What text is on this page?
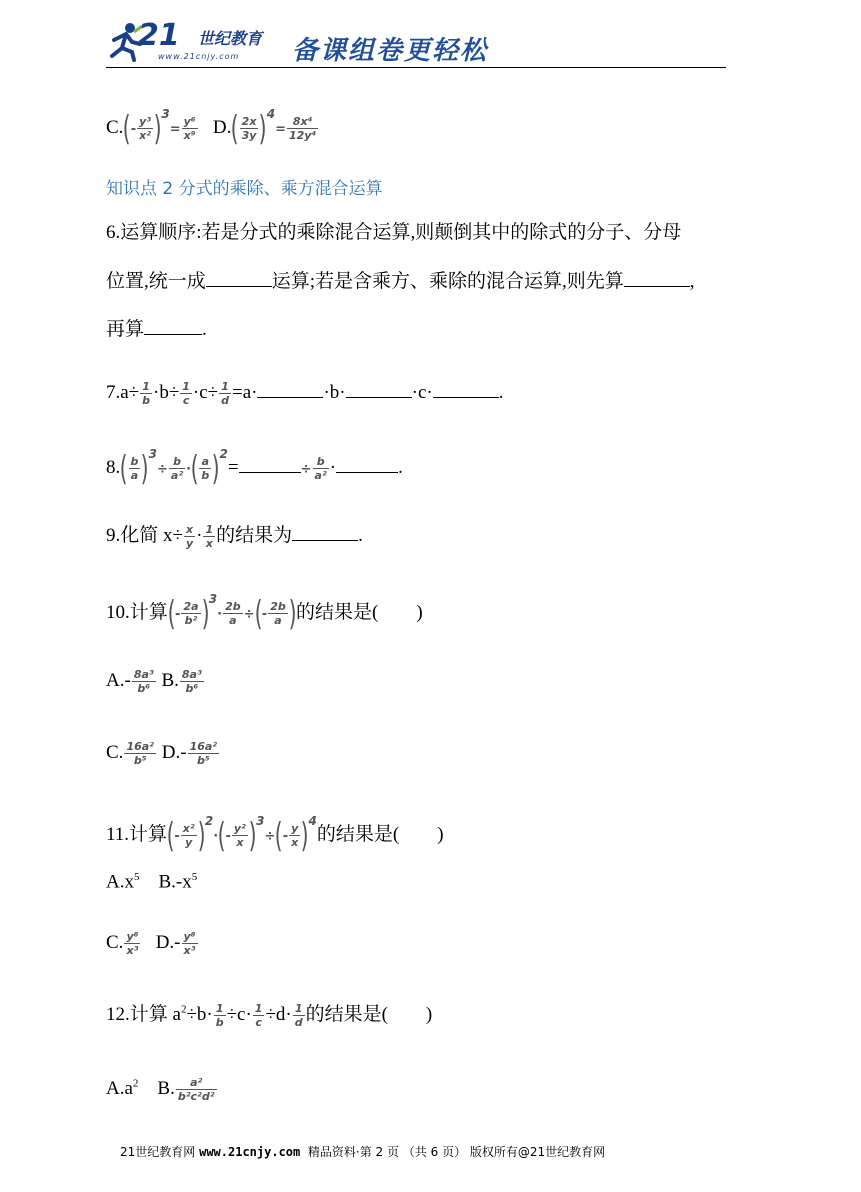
21 世纪教育
www.21cnjy.com 备课组卷更轻松
$C.(- \frac{\text{y³}}{\text{x²}} )^3= \frac{\text{y⁶}}{\text{x⁹}} D.( \frac{2x}{3y} )^4= \frac{\text{8x⁴}}{\text{12y⁴}}$
知识点 2 分式的乘除、乘方混合运算
6.运算顺序:若是分式的乘除混合运算,则颠倒其中的除式的分子、分母
位置,统一成	运算;若是含乘方、乘除的混合运算,则先算	,
再算	.
$7.a\div \frac{1}{b} \cdot b\div \frac{1}{c} \cdot c\div \frac{1}{d} =a\cdot$	·b·	·c·	.
$8.( \frac{b}{a} )^3\div \frac{b}{\text{a²}}$ ·( $\frac{a}{b} )^2=$	÷ $\frac{b}{\text{a²}}$ ·	.
9.化简 $x\div \frac{x}{y} \cdot \frac{1}{x}$ 的结果为	.
10.计算(- $\frac{2a}{\text{b²}} )^3\cdot \frac{2b}{a}$ ÷(- $\frac{2b}{a}$ )的结果是(　　)
$A.- \frac{\text{8a³}}{\text{b⁶}} B$. $\frac{\text{8a³}}{\text{b⁶}}$
C. $\frac{\text{16a²}}{\text{b⁵}} D.- \frac{\text{16a²}}{\text{b⁵}}$
11.计算(- $\frac{\text{x²}}{y} )^2\cdot(- \frac{\text{y²}}{x} )^3\div(- \frac{y}{x} )^4$的结果是(　　)
$A.x^5$ $B.-x^5$
C. $\frac{\text{y⁸}}{\text{x³}} D.- \frac{\text{y⁸}}{\text{x³}}$
12.计算 $a^2\div b\cdot \frac{1}{b} \div c\cdot \frac{1}{c} \div d\cdot \frac{1}{d}$ 的结果是(　　)
$A.a^2$ B. $\frac{\text{a²}}{\text{b²c²d²}}$
21世纪教育网 www.21cnjy.com 精品资料·第 2 页 （共 6 页） 版权所有@21世纪教育网
